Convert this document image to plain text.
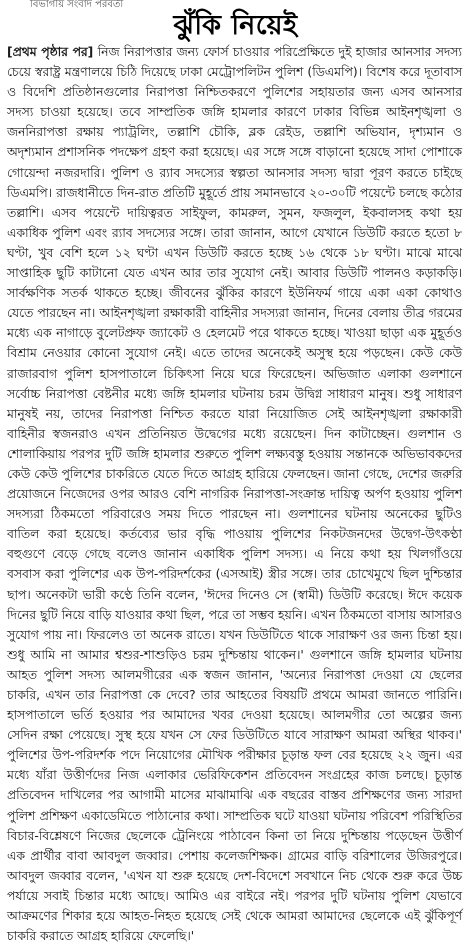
বিভাগীয় সংবাদ পরবর্তী
ঝুঁকি নিয়েই

[প্রথম পৃষ্ঠার পর] নিজ নিরাপত্তার জন্য ফোর্স চাওয়ার পরিপ্রেক্ষিতে দুই হাজার আনসার সদস্য চেয়ে স্বরাষ্ট্র মন্ত্রণালয়ে চিঠি দিয়েছে ঢাকা মেট্রোপলিটন পুলিশ (ডিএমপি)। বিশেষ করে দূতাবাস ও বিদেশি প্রতিষ্ঠানগুলোর নিরাপত্তা নিশ্চিতকরণে পুলিশের সহায়তার জন্য এসব আনসার সদস্য চাওয়া হয়েছে। তবে সাম্প্রতিক জঙ্গি হামলার কারণে ঢাকার বিভিন্ন আইনশৃঙ্খলা ও জননিরাপত্তা রক্ষায় প্যাট্রলিং, তল্লাশি চৌকি, ব্লক রেইড, তল্লাশি অভিযান, দৃশ্যমান ও অদৃশ্যমান প্রশাসনিক পদক্ষেপ গ্রহণ করা হয়েছে। এর সঙ্গে সঙ্গে বাড়ানো হয়েছে সাদা পোশাকে গোয়েন্দা নজরদারি। পুলিশ ও র‌্যাব সদস্যের স্বল্পতা আনসার সদস্য দ্বারা পূরণ করতে চাইছে ডিএমপি। রাজধানীতে দিন-রাত প্রতিটি মুহূর্তে প্রায় সমানভাবে ২০-৩০টি পয়েন্টে চলছে কঠোর তল্লাশি। এসব পয়েন্টে দায়িত্বরত সাইফুল, কামরুল, সুমন, ফজলুল, ইকবালসহ কথা হয় একাধিক পুলিশ এবং র‌্যাব সদস্যের সঙ্গে। তারা জানান, আগে যেখানে ডিউটি করতে হতো ৮ ঘণ্টা, খুব বেশি হলে ১২ ঘণ্টা এখন ডিউটি করতে হচ্ছে ১৬ থেকে ১৮ ঘণ্টা। মাঝে মাঝে সাপ্তাহিক ছুটি কাটানো যেত এখন আর তার সুযোগ নেই। আবার ডিউটি পালনও কড়াকড়ি। সার্বক্ষণিক সতর্ক থাকতে হচ্ছে। জীবনের ঝুঁকির কারণে ইউনিফর্ম গায়ে একা একা কোথাও যেতে পারছেন না। আইনশৃঙ্খলা রক্ষাকারী বাহিনীর সদস্যরা জানান, দিনের বেলায় তীব্র গরমের মধ্যে এক নাগাড়ে বুলেটপ্রুফ জ্যাকেট ও হেলমেট পরে থাকতে হচ্ছে। খাওয়া ছাড়া এক মুহূর্তও বিশ্রাম নেওয়ার কোনো সুযোগ নেই। এতে তাদের অনেকেই অসুস্থ হয়ে পড়ছেন। কেউ কেউ রাজারবাগ পুলিশ হাসপাতালে চিকিৎসা নিয়ে ঘরে ফিরেছেন। অভিজাত এলাকা গুলশানে সর্বোচ্চ নিরাপত্তা বেষ্টনীর মধ্যে জঙ্গি হামলার ঘটনায় চরম উদ্বিগ্ন সাধারণ মানুষ। শুধু সাধারণ মানুষই নয়, তাদের নিরাপত্তা নিশ্চিত করতে যারা নিয়োজিত সেই আইনশৃঙ্খলা রক্ষাকারী বাহিনীর স্বজনরাও এখন প্রতিনিয়ত উদ্বেগের মধ্যে রয়েছেন। দিন কাটাচ্ছেন। গুলশান ও শোলাকিয়ায় পরপর দুটি জঙ্গি হামলার শুরুতে পুলিশ লক্ষ্যবস্তু হওয়ায় সন্তানকে অভিভাবকদের কেউ কেউ পুলিশের চাকরিতে যেতে দিতে আগ্রহ হারিয়ে ফেলছেন। জানা গেছে, দেশের জরুরি প্রয়োজনে নিজেদের ওপর আরও বেশি নাগরিক নিরাপত্তা-সংক্রান্ত দায়িত্ব অর্পণ হওয়ায় পুলিশ সদস্যরা ঠিকমতো পরিবারেও সময় দিতে পারছেন না। গুলশানের ঘটনায় অনেকের ছুটিও বাতিল করা হয়েছে। কর্তব্যের ভার বৃদ্ধি পাওয়ায় পুলিশের নিকটজনদের উদ্বেগ-উৎকণ্ঠা বহুগুণে বেড়ে গেছে বলেও জানান একাধিক পুলিশ সদস্য। এ নিয়ে কথা হয় খিলগাঁওয়ে বসবাস করা পুলিশের এক উপ-পরিদর্শকের (এসআই) স্ত্রীর সঙ্গে। তার চোখেমুখে ছিল দুশ্চিন্তার ছাপ। অনেকটা ভারী কণ্ঠে তিনি বলেন, 'ঈদের দিনেও সে (স্বামী) ডিউটি করেছে। ঈদে কয়েক দিনের ছুটি নিয়ে বাড়ি যাওয়ার কথা ছিল, পরে তা সম্ভব হয়নি। এখন ঠিকমতো বাসায় আসারও সুযোগ পায় না। ফিরলেও তা অনেক রাতে। যখন ডিউটিতে থাকে সারাক্ষণ ওর জন্য চিন্তা হয়। শুধু আমি না আমার শ্বশুর-শাশুড়িও চরম দুশ্চিন্তায় থাকেন।' গুলশানে জঙ্গি হামলার ঘটনায় আহত পুলিশ সদস্য আলমগীরের এক স্বজন জানান, 'অন্যের নিরাপত্তা দেওয়া যে ছেলের চাকরি, এখন তার নিরাপত্তা কে দেবে? তার আহতের বিষয়টি প্রথমে আমরা জানতে পারিনি। হাসপাতালে ভর্তি হওয়ার পর আমাদের খবর দেওয়া হয়েছে। আলমগীর তো অল্পের জন্য সেদিন রক্ষা পেয়েছে। সুস্থ হয়ে যখন সে ফের ডিউটিতে যাবে সারাক্ষণ আমরা অস্থির থাকব।' পুলিশের উপ-পরিদর্শক পদে নিয়োগের মৌখিক পরীক্ষার চূড়ান্ত ফল বের হয়েছে ২২ জুন। এর মধ্যে যাঁরা উত্তীর্ণদের নিজ এলাকার ভেরিফিকেশন প্রতিবেদন সংগ্রহের কাজ চলছে। চূড়ান্ত প্রতিবেদন দাখিলের পর আগামী মাসের মাঝামাঝি এক বছরের বাস্তব প্রশিক্ষণের জন্য সারদা পুলিশ প্রশিক্ষণ একাডেমিতে পাঠানোর কথা। সাম্প্রতিক ঘটে যাওয়া ঘটনায় পরিবেশ পরিস্থিতির বিচার-বিশ্লেষণে নিজের ছেলেকে ট্রেনিংয়ে পাঠাবেন কিনা তা নিয়ে দুশ্চিন্তায় পড়েছেন উত্তীর্ণ এক প্রার্থীর বাবা আবদুল জব্বার। পেশায় কলেজশিক্ষক। গ্রামের বাড়ি বরিশালের উজিরপুরে। আবদুল জব্বার বলেন, 'এখন যা শুরু হয়েছে দেশ-বিদেশে সবখানে নিচ থেকে শুরু করে উচ্চ পর্যায়ে সবাই চিন্তার মধ্যে আছে। আমিও এর বাইরে নই। পরপর দুটি ঘটনায় পুলিশ যেভাবে আক্রমণের শিকার হয়ে আহত-নিহত হয়েছে সেই থেকে আমরা আমাদের ছেলেকে এই ঝুঁকিপূর্ণ চাকরি করাতে আগ্রহ হারিয়ে ফেলেছি।'
